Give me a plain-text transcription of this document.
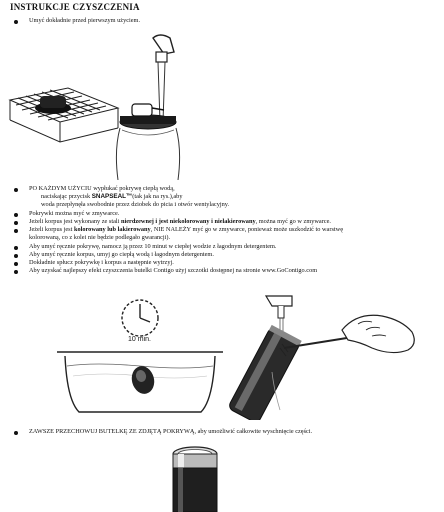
INSTRUKCJE CZYSZCZENIA
Umyć dokładnie przed pierwszym użyciem.
PO KAŻDYM UŻYCIU wypłukać pokrywę ciepłą wodą,
naciskając przycisk SNAPSEAL™(tak jak na rys.),aby
woda przepłynęła swobodnie przez dziobek do picia i otwór wentylacyjny.
Pokrywki można myć w zmywarce.
Jeżeli korpus jest wykonany ze stali nierdzewnej i jest niekolorowany i nielakierowany, można myć go w zmywarce.
Jeżeli korpus jest kolorowany lub lakierowany, NIE NALEŻY myć go w zmywarce, ponieważ może uszkodzić to warstwę
kolorowaną, co z kolei nie będzie podlegało gwarancji).
Aby umyć ręcznie pokrywę, namocz ją przez 10 minut w ciepłej wodzie z łagodnym detergentem.
Aby umyć ręcznie korpus, umyj go ciepłą wodą i łagodnym detergentem.
Dokładnie spłucz pokrywkę i korpus a następnie wytrzyj.
Aby uzyskać najlepszy efekt czyszczenia butelki Contigo użyj szczotki dostępnej na stronie www.GoContigo.com
10 min.
ZAWSZE PRZECHOWUJ BUTELKĘ ZE ZDJĘTĄ POKRYWĄ, aby umożliwić całkowite wyschnięcie części.
